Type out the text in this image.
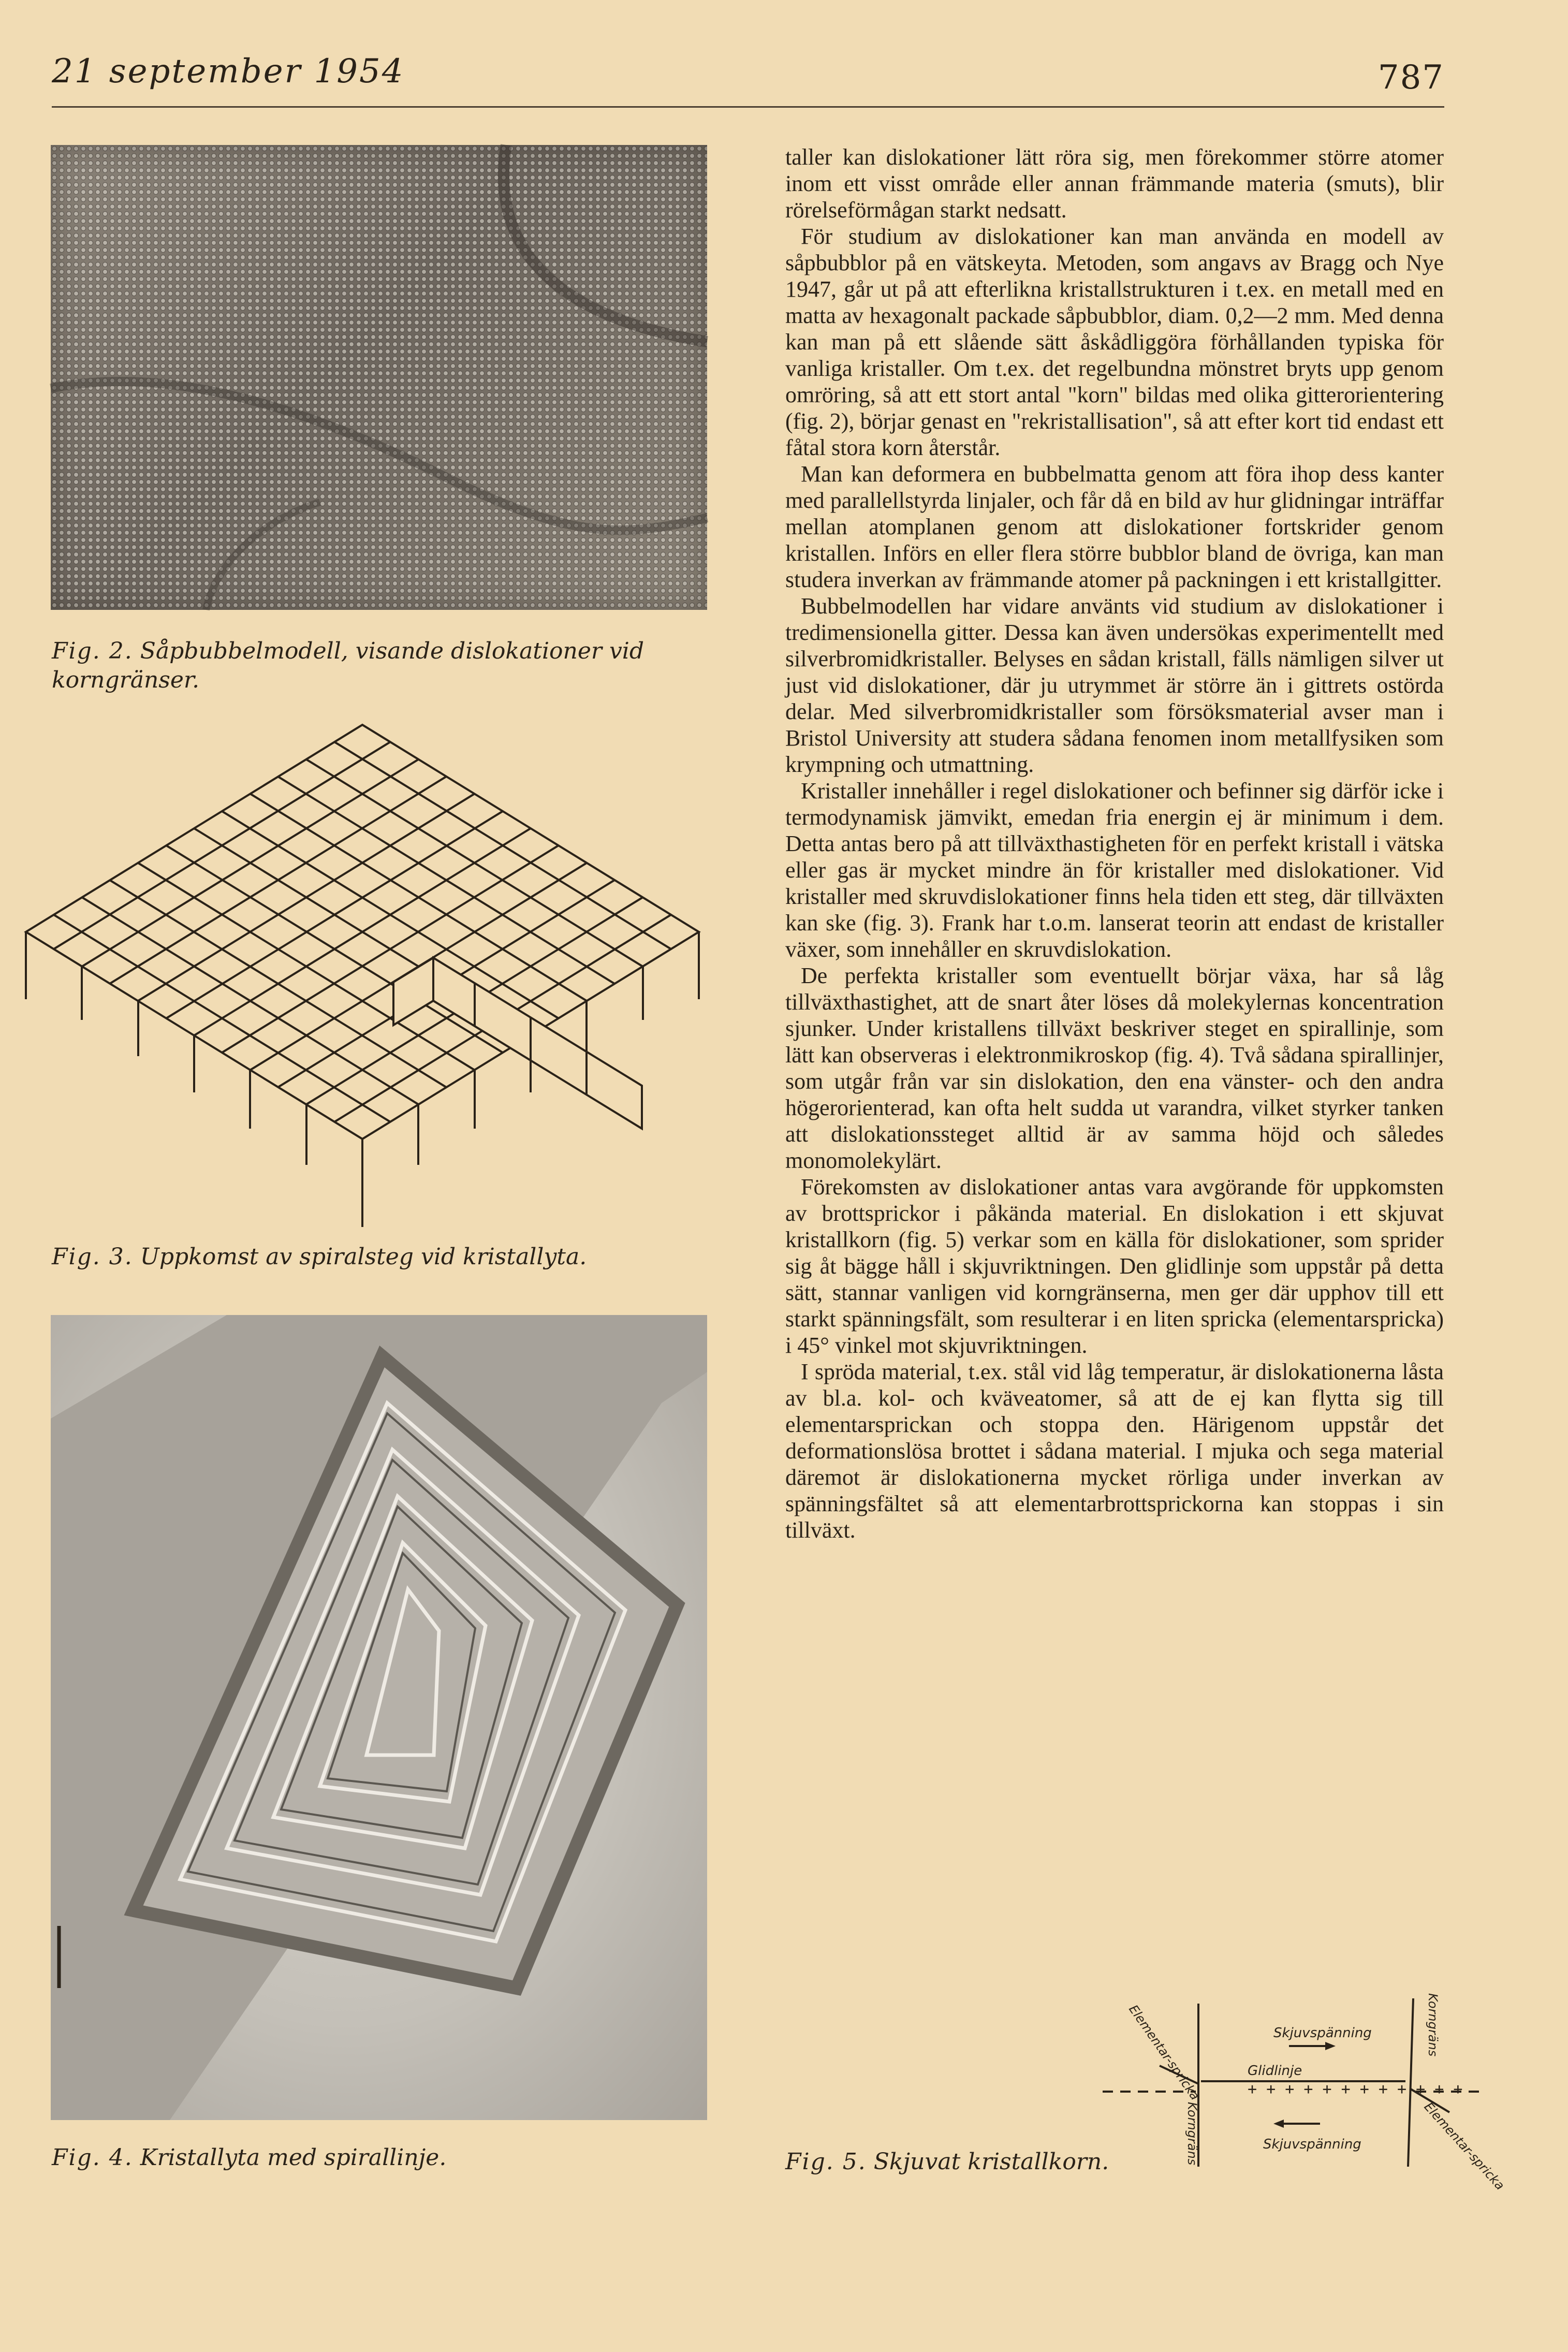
21 september 1954	787
Fig. 2. Såpbubbelmodell, visande dislokationer vid korngränser.
Fig. 3. Uppkomst av spiralsteg vid kristallyta.
Fig. 4. Kristallyta med spirallinje.

taller kan dislokationer lätt röra sig, men förekommer större atomer inom ett visst område eller annan främmande materia (smuts), blir rörelseförmågan starkt nedsatt.

För studium av dislokationer kan man använda en modell av såpbubblor på en vätskeyta. Metoden, som angavs av Bragg och Nye 1947, går ut på att efterlikna kristallstrukturen i t.ex. en metall med en matta av hexagonalt packade såpbubblor, diam. 0,2—2 mm. Med denna kan man på ett slående sätt åskådliggöra förhållanden typiska för vanliga kristaller. Om t.ex. det regelbundna mönstret bryts upp genom omröring, så att ett stort antal "korn" bildas med olika gitterorientering (fig. 2), börjar genast en "rekristallisation", så att efter kort tid endast ett fåtal stora korn återstår.

Man kan deformera en bubbelmatta genom att föra ihop dess kanter med parallellstyrda linjaler, och får då en bild av hur glidningar inträffar mellan atomplanen genom att dislokationer fortskrider genom kristallen. Införs en eller flera större bubblor bland de övriga, kan man studera inverkan av främmande atomer på packningen i ett kristallgitter.

Bubbelmodellen har vidare använts vid studium av dislokationer i tredimensionella gitter. Dessa kan även undersökas experimentellt med silverbromidkristaller. Belyses en sådan kristall, fälls nämligen silver ut just vid dislokationer, där ju utrymmet är större än i gittrets ostörda delar. Med silverbromidkristaller som försöksmaterial avser man i Bristol University att studera sådana fenomen inom metallfysiken som krympning och utmattning.

Kristaller innehåller i regel dislokationer och befinner sig därför icke i termodynamisk jämvikt, emedan fria energin ej är minimum i dem. Detta antas bero på att tillväxthastigheten för en perfekt kristall i vätska eller gas är mycket mindre än för kristaller med dislokationer. Vid kristaller med skruvdislokationer finns hela tiden ett steg, där tillväxten kan ske (fig. 3). Frank har t.o.m. lanserat teorin att endast de kristaller växer, som innehåller en skruvdislokation.

De perfekta kristaller som eventuellt börjar växa, har så låg tillväxthastighet, att de snart åter löses då molekylernas koncentration sjunker. Under kristallens tillväxt beskriver steget en spirallinje, som lätt kan observeras i elektronmikroskop (fig. 4). Två sådana spirallinjer, som utgår från var sin dislokation, den ena vänster- och den andra högerorienterad, kan ofta helt sudda ut varandra, vilket styrker tanken att dislokationssteget alltid är av samma höjd och således monomolekylärt.

Förekomsten av dislokationer antas vara avgörande för uppkomsten av brottsprickor i påkända material. En dislokation i ett skjuvat kristallkorn (fig. 5) verkar som en källa för dislokationer, som sprider sig åt bägge håll i skjuvriktningen. Den glidlinje som uppstår på detta sätt, stannar vanligen vid korngränserna, men ger där upphov till ett starkt spänningsfält, som resulterar i en liten spricka (elementarspricka) i 45° vinkel mot skjuvriktningen.

I spröda material, t.ex. stål vid låg temperatur, är dislokationerna låsta av bl.a. kol- och kväveatomer, så att de ej kan flytta sig till elementarsprickan och stoppa den. Härigenom uppstår det deformationslösa brottet i sådana material. I mjuka och sega material däremot är dislokationerna mycket rörliga under inverkan av spänningsfältet så att elementarbrottsprickorna kan stoppas i sin tillväxt.

+ + + + + + + + + + + +
Skjuvspänning
Skjuvspänning
Glidlinje
Elementar-spricka
Elementar-spricka
Korngräns
Korngräns
Fig. 5. Skjuvat kristallkorn.
